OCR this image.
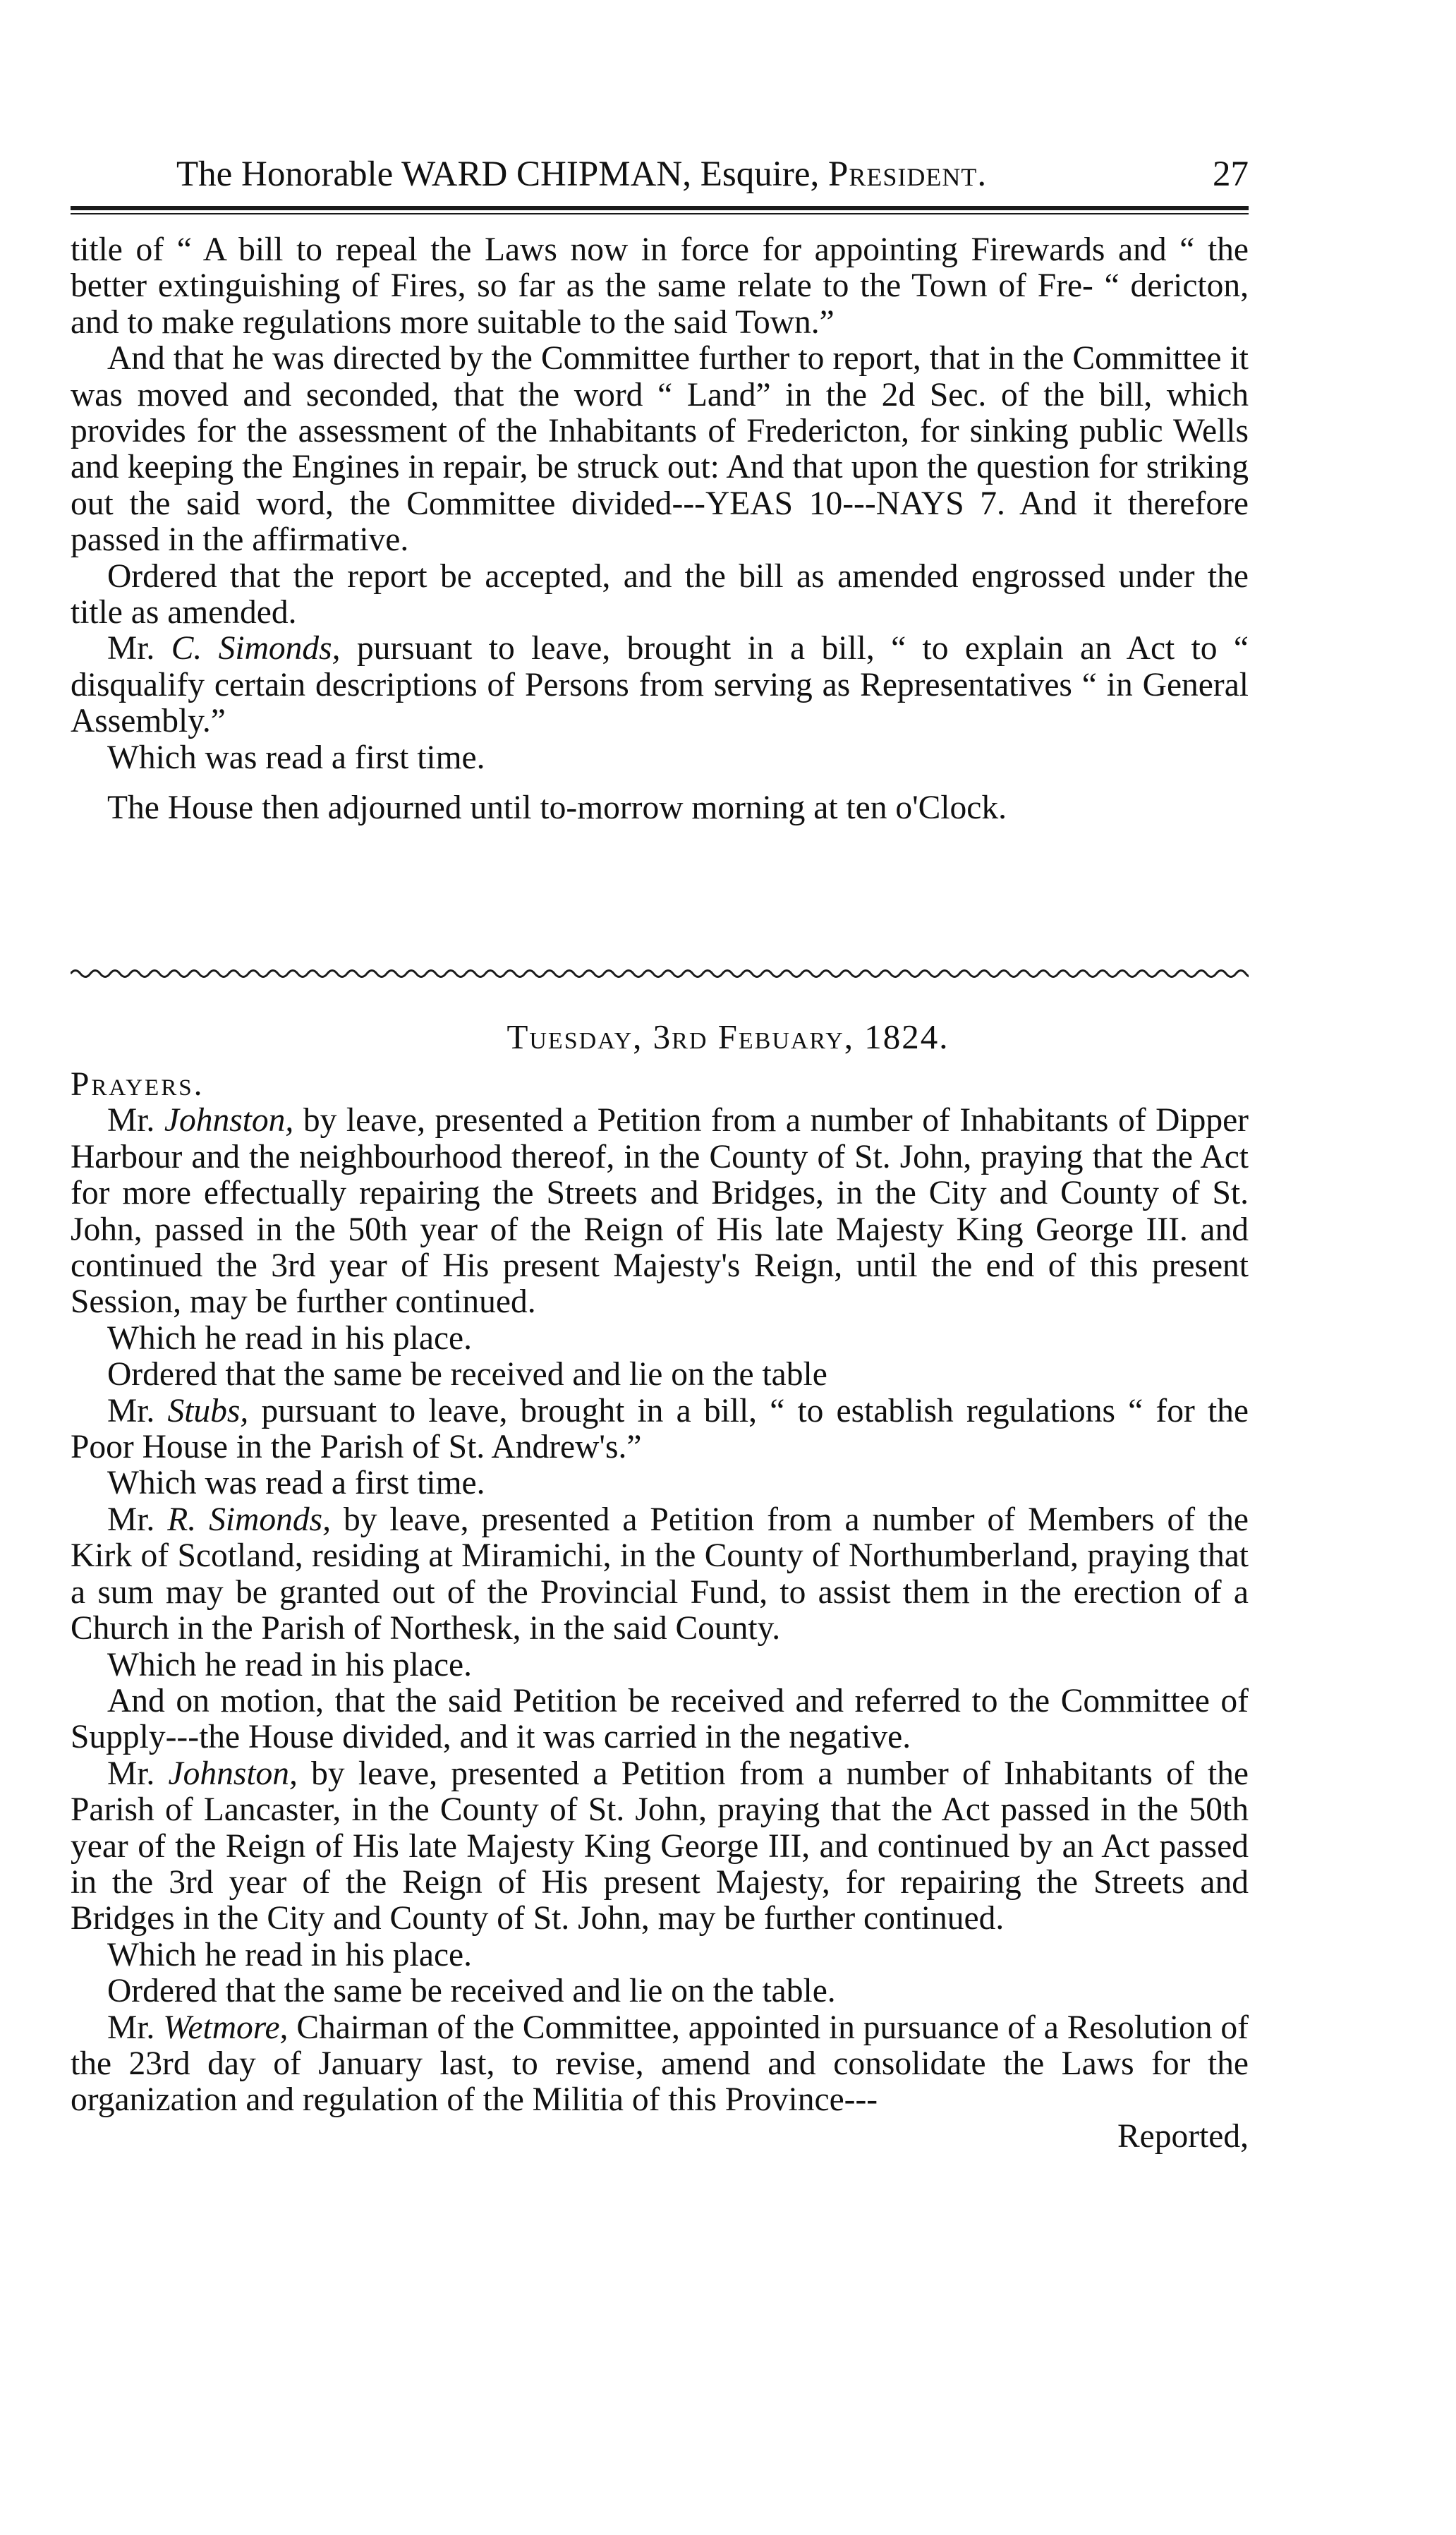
The Honorable WARD CHIPMAN, Esquire, President.	27

title of “ A bill to repeal the Laws now in force for appointing Firewards and “ the better extinguishing of Fires, so far as the same relate to the Town of Fre- “ dericton, and to make regulations more suitable to the said Town.”

And that he was directed by the Committee further to report, that in the Committee it was moved and seconded, that the word “ Land” in the 2d Sec. of the bill, which provides for the assessment of the Inhabitants of Fredericton, for sinking public Wells and keeping the Engines in repair, be struck out: And that upon the question for striking out the said word, the Committee divided---YEAS 10---NAYS 7. And it therefore passed in the affirmative.

Ordered that the report be accepted, and the bill as amended engrossed under the title as amended.

Mr. C. Simonds, pursuant to leave, brought in a bill, “ to explain an Act to “ disqualify certain descriptions of Persons from serving as Representatives “ in General Assembly.”

Which was read a first time.

The House then adjourned until to-morrow morning at ten o'Clock.

Tuesday, 3rd Febuary, 1824.

Prayers.

Mr. Johnston, by leave, presented a Petition from a number of Inhabitants of Dipper Harbour and the neighbourhood thereof, in the County of St. John, praying that the Act for more effectually repairing the Streets and Bridges, in the City and County of St. John, passed in the 50th year of the Reign of His late Majesty King George III. and continued the 3rd year of His present Majesty's Reign, until the end of this present Session, may be further continued.

Which he read in his place.

Ordered that the same be received and lie on the table

Mr. Stubs, pursuant to leave, brought in a bill, “ to establish regulations “ for the Poor House in the Parish of St. Andrew's.”

Which was read a first time.

Mr. R. Simonds, by leave, presented a Petition from a number of Members of the Kirk of Scotland, residing at Miramichi, in the County of Northumberland, praying that a sum may be granted out of the Provincial Fund, to assist them in the erection of a Church in the Parish of Northesk, in the said County.

Which he read in his place.

And on motion, that the said Petition be received and referred to the Committee of Supply---the House divided, and it was carried in the negative.

Mr. Johnston, by leave, presented a Petition from a number of Inhabitants of the Parish of Lancaster, in the County of St. John, praying that the Act passed in the 50th year of the Reign of His late Majesty King George III, and continued by an Act passed in the 3rd year of the Reign of His present Majesty, for repairing the Streets and Bridges in the City and County of St. John, may be further continued.

Which he read in his place.

Ordered that the same be received and lie on the table.

Mr. Wetmore, Chairman of the Committee, appointed in pursuance of a Resolution of the 23rd day of January last, to revise, amend and consolidate the Laws for the organization and regulation of the Militia of this Province---

Reported,
